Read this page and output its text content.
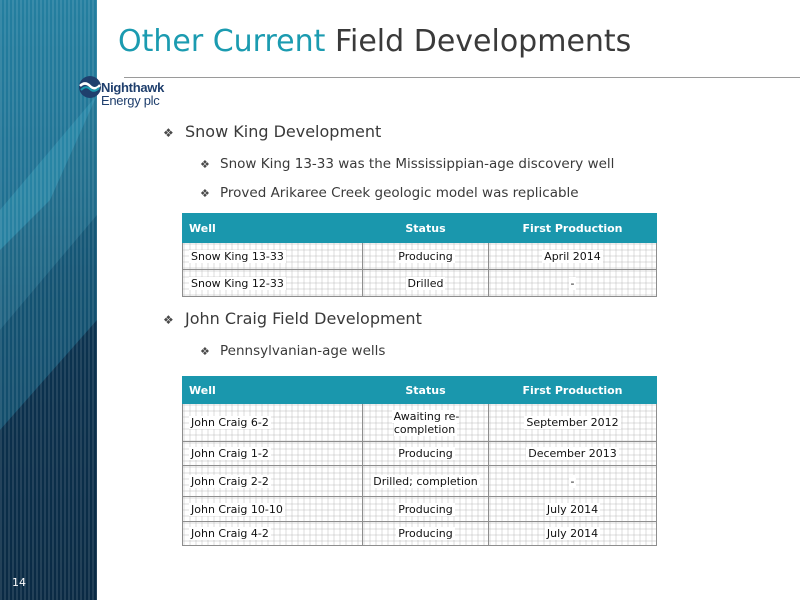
14
Other Current Field Developments
Nighthawk
Energy plc
❖ Snow King Development
❖ Snow King 13-33 was the Mississippian-age discovery well
❖ Proved Arikaree Creek geologic model was replicable
Well	Status	First Production
Snow King 13-33	Producing	April 2014
Snow King 12-33	Drilled	-
❖ John Craig Field Development
❖ Pennsylvanian-age wells
Well	Status	First Production
John Craig 6-2	Awaiting re-completion	September 2012
John Craig 1-2	Producing	December 2013
John Craig 2-2	Drilled; completion	-
John Craig 10-10	Producing	July 2014
John Craig 4-2	Producing	July 2014
